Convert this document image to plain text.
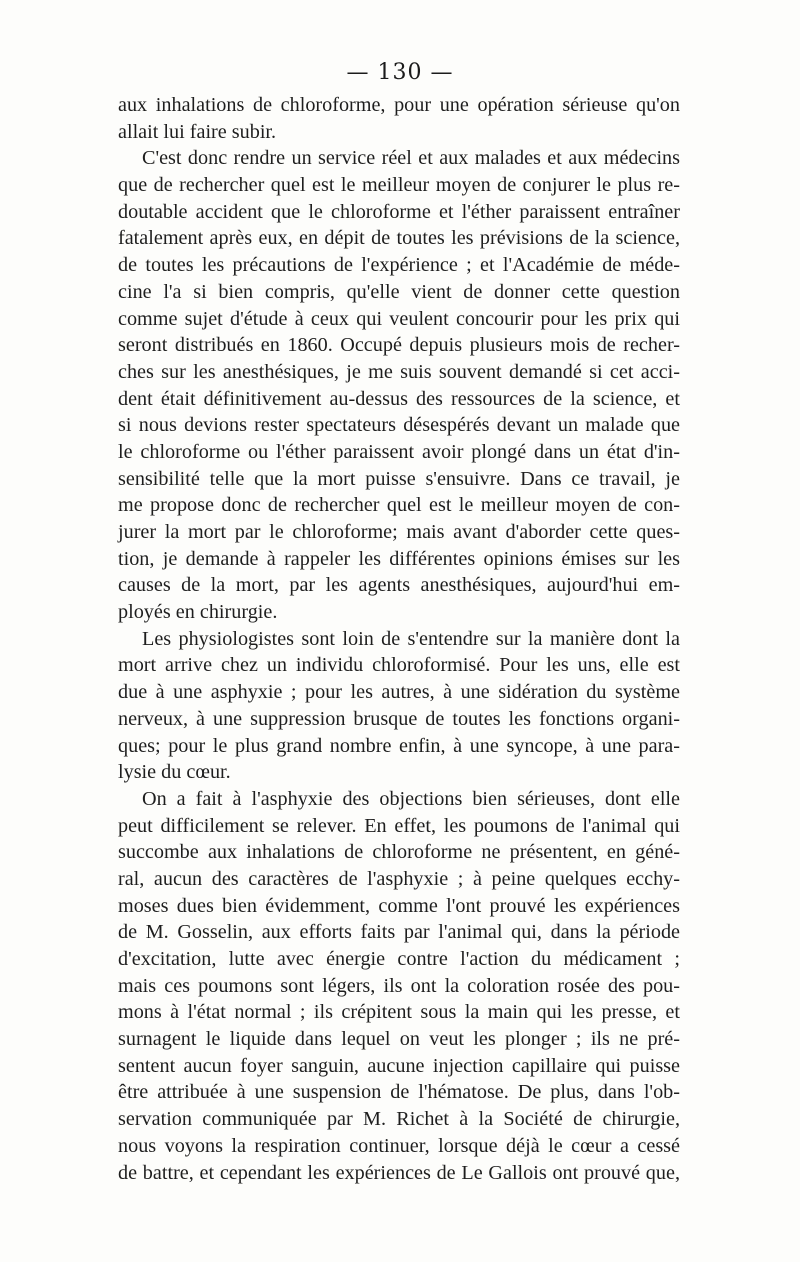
— 130 —
aux inhalations de chloroforme, pour une opération sérieuse qu'on
allait lui faire subir.
C'est donc rendre un service réel et aux malades et aux médecins
que de rechercher quel est le meilleur moyen de conjurer le plus re-
doutable accident que le chloroforme et l'éther paraissent entraîner
fatalement après eux, en dépit de toutes les prévisions de la science,
de toutes les précautions de l'expérience ; et l'Académie de méde-
cine l'a si bien compris, qu'elle vient de donner cette question
comme sujet d'étude à ceux qui veulent concourir pour les prix qui
seront distribués en 1860. Occupé depuis plusieurs mois de recher-
ches sur les anesthésiques, je me suis souvent demandé si cet acci-
dent était définitivement au-dessus des ressources de la science, et
si nous devions rester spectateurs désespérés devant un malade que
le chloroforme ou l'éther paraissent avoir plongé dans un état d'in-
sensibilité telle que la mort puisse s'ensuivre. Dans ce travail, je
me propose donc de rechercher quel est le meilleur moyen de con-
jurer la mort par le chloroforme; mais avant d'aborder cette ques-
tion, je demande à rappeler les différentes opinions émises sur les
causes de la mort, par les agents anesthésiques, aujourd'hui em-
ployés en chirurgie.
Les physiologistes sont loin de s'entendre sur la manière dont la
mort arrive chez un individu chloroformisé. Pour les uns, elle est
due à une asphyxie ; pour les autres, à une sidération du système
nerveux, à une suppression brusque de toutes les fonctions organi-
ques; pour le plus grand nombre enfin, à une syncope, à une para-
lysie du cœur.
On a fait à l'asphyxie des objections bien sérieuses, dont elle
peut difficilement se relever. En effet, les poumons de l'animal qui
succombe aux inhalations de chloroforme ne présentent, en géné-
ral, aucun des caractères de l'asphyxie ; à peine quelques ecchy-
moses dues bien évidemment, comme l'ont prouvé les expériences
de M. Gosselin, aux efforts faits par l'animal qui, dans la période
d'excitation, lutte avec énergie contre l'action du médicament ;
mais ces poumons sont légers, ils ont la coloration rosée des pou-
mons à l'état normal ; ils crépitent sous la main qui les presse, et
surnagent le liquide dans lequel on veut les plonger ; ils ne pré-
sentent aucun foyer sanguin, aucune injection capillaire qui puisse
être attribuée à une suspension de l'hématose. De plus, dans l'ob-
servation communiquée par M. Richet à la Société de chirurgie,
nous voyons la respiration continuer, lorsque déjà le cœur a cessé
de battre, et cependant les expériences de Le Gallois ont prouvé que,
